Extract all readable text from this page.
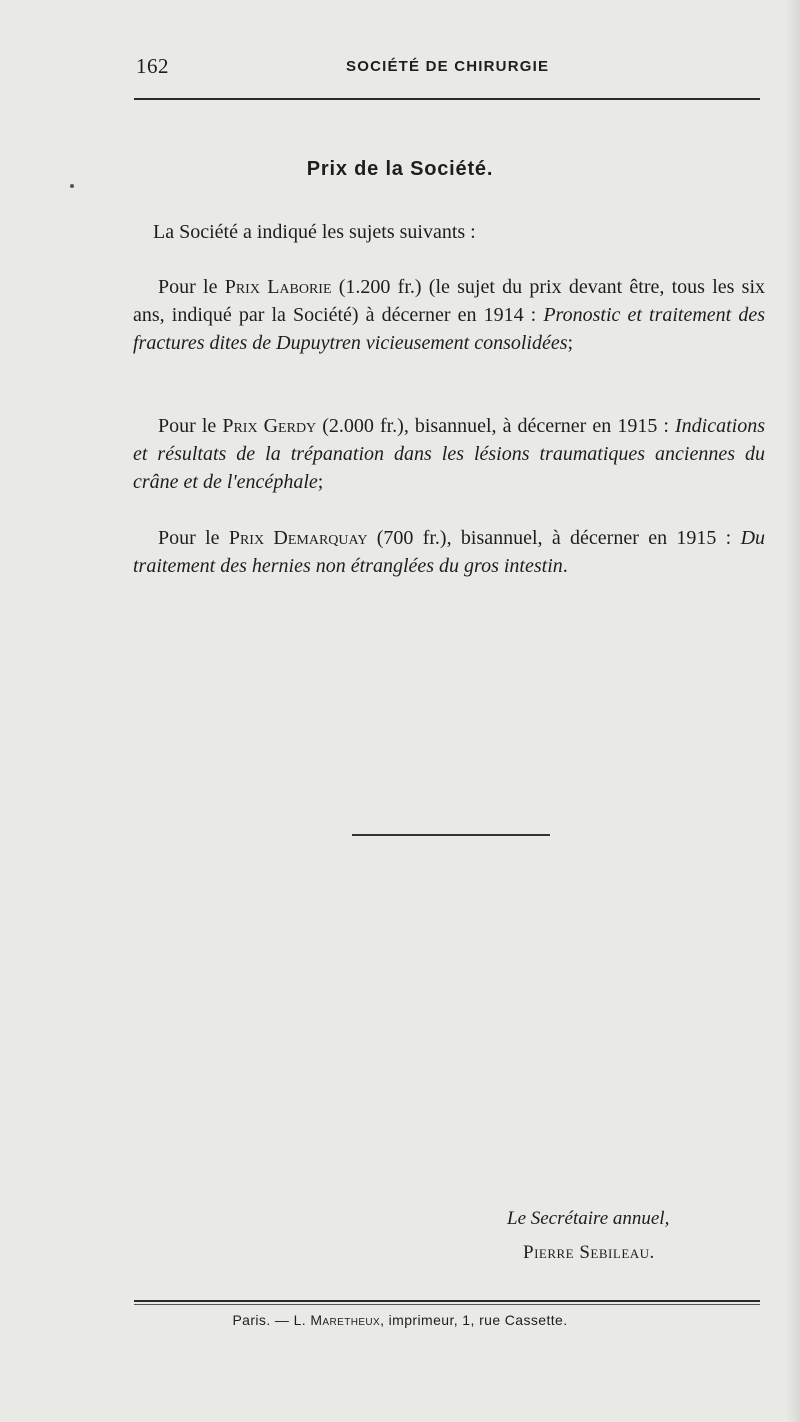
162	SOCIÉTÉ DE CHIRURGIE
Prix de la Société.
La Société a indiqué les sujets suivants :
Pour le Prix Laborie (1.200 fr.) (le sujet du prix devant être, tous les six ans, indiqué par la Société) à décerner en 1914 : Pronostic et traitement des fractures dites de Dupuytren vicieusement consolidées;
Pour le Prix Gerdy (2.000 fr.), bisannuel, à décerner en 1915 : Indications et résultats de la trépanation dans les lésions traumatiques anciennes du crâne et de l'encéphale;
Pour le Prix Demarquay (700 fr.), bisannuel, à décerner en 1915 : Du traitement des hernies non étranglées du gros intestin.
Le Secrétaire annuel,
Pierre Sebileau.
Paris. — L. Maretheux, imprimeur, 1, rue Cassette.
